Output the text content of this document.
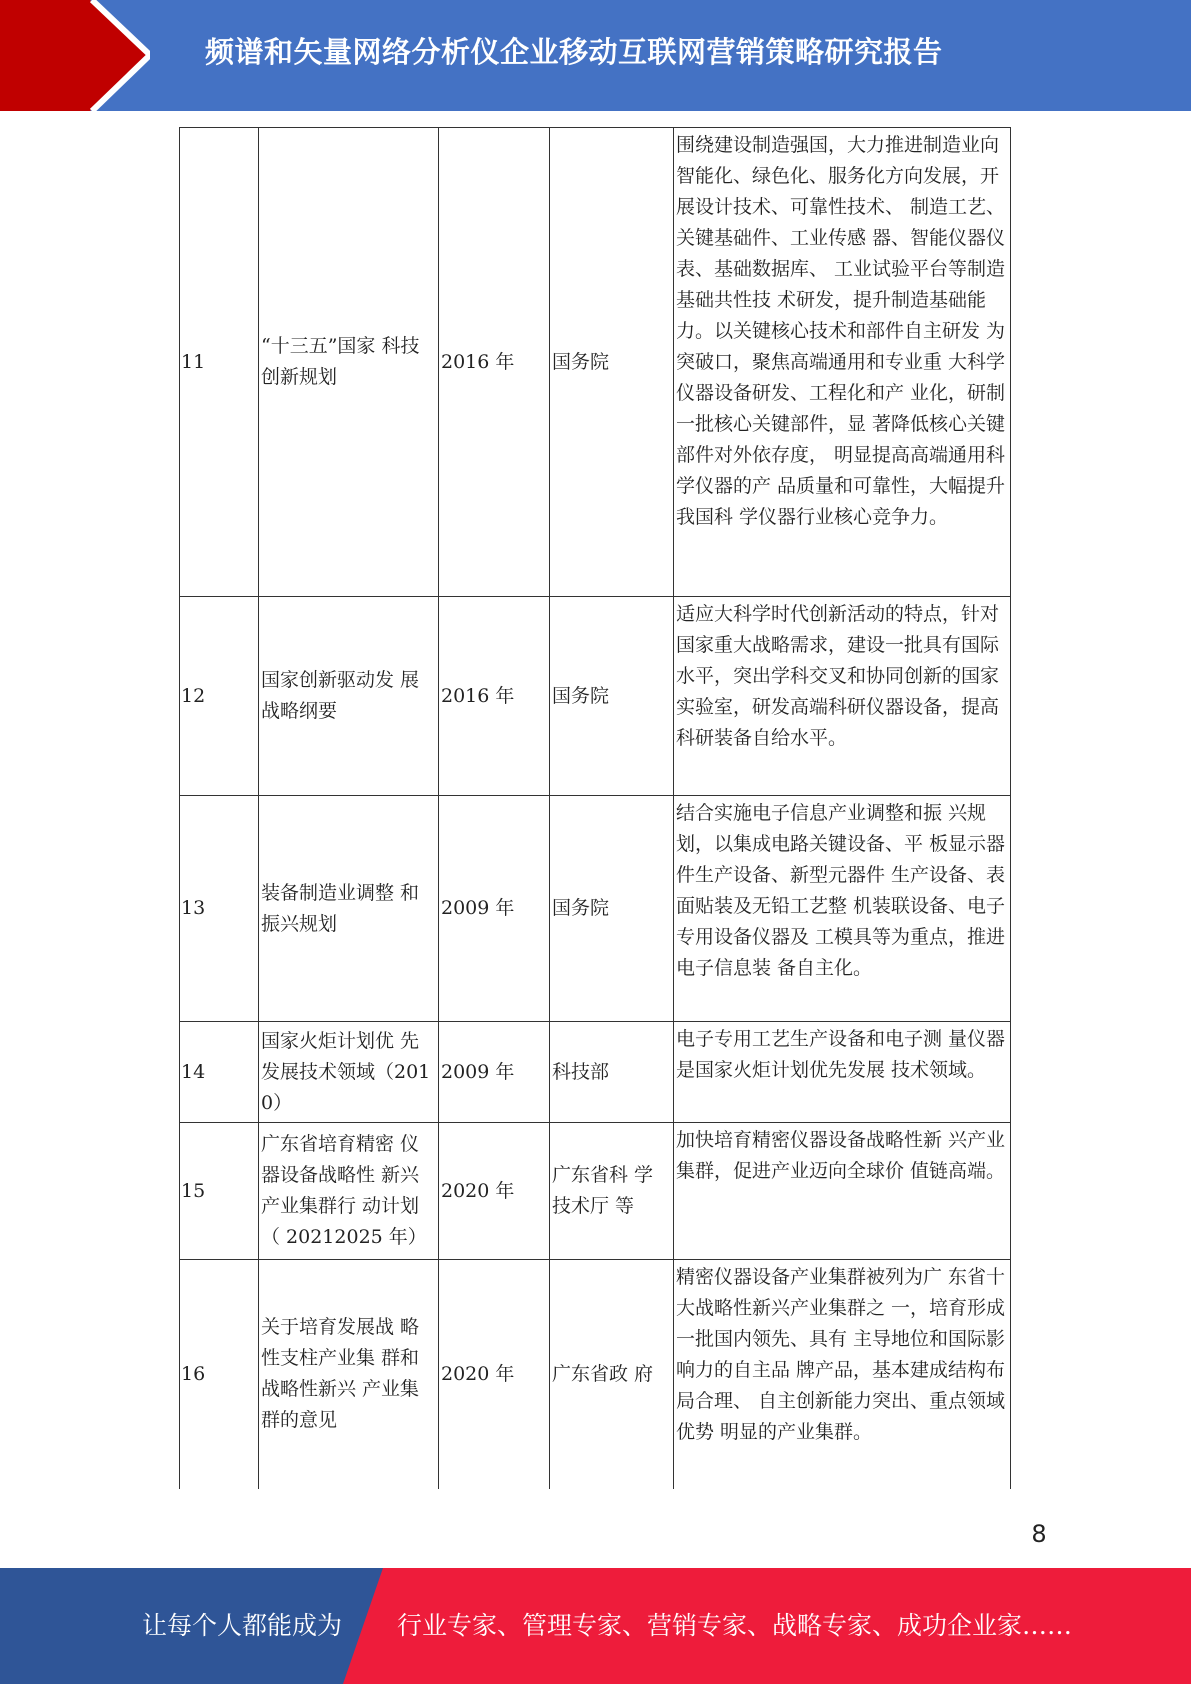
频谱和矢量网络分析仪企业移动互联网营销策略研究报告
11	“十三五”国家 科技创新规划	2016 年	国务院	围绕建设制造强国，大力推进制造业向智能化、绿色化、服务化方向发展，开展设计技术、可靠性技术、 制造工艺、关键基础件、工业传感 器、智能仪器仪表、基础数据库、 工业试验平台等制造基础共性技 术研发，提升制造基础能力。以关键核心技术和部件自主研发 为突破口，聚焦高端通用和专业重 大科学仪器设备研发、工程化和产 业化，研制一批核心关键部件，显 著降低核心关键部件对外依存度， 明显提高高端通用科学仪器的产 品质量和可靠性，大幅提升我国科 学仪器行业核心竞争力。
12	国家创新驱动发 展战略纲要	2016 年	国务院	适应大科学时代创新活动的特点，针对国家重大战略需求，建设一批具有国际水平，突出学科交叉和协同创新的国家实验室，研发高端科研仪器设备，提高科研装备自给水平。
13	装备制造业调整 和振兴规划	2009 年	国务院	结合实施电子信息产业调整和振 兴规划，以集成电路关键设备、平 板显示器件生产设备、新型元器件 生产设备、表面贴装及无铅工艺整 机装联设备、电子专用设备仪器及 工模具等为重点，推进电子信息装 备自主化。
14	国家火炬计划优 先发展技术领域（2010）	2009 年	科技部	电子专用工艺生产设备和电子测 量仪器是国家火炬计划优先发展 技术领域。
15	广东省培育精密 仪器设备战略性 新兴产业集群行 动计划（ 20212025 年）	2020 年	广东省科 学技术厅 等	加快培育精密仪器设备战略性新 兴产业集群，促进产业迈向全球价 值链高端。
16	关于培育发展战 略性支柱产业集 群和战略性新兴 产业集群的意见	2020 年	广东省政 府	精密仪器设备产业集群被列为广 东省十大战略性新兴产业集群之 一，培育形成一批国内领先、具有 主导地位和国际影响力的自主品 牌产品，基本建成结构布局合理、 自主创新能力突出、重点领域优势 明显的产业集群。
8
让每个人都能成为 行业专家、管理专家、营销专家、战略专家、成功企业家……
